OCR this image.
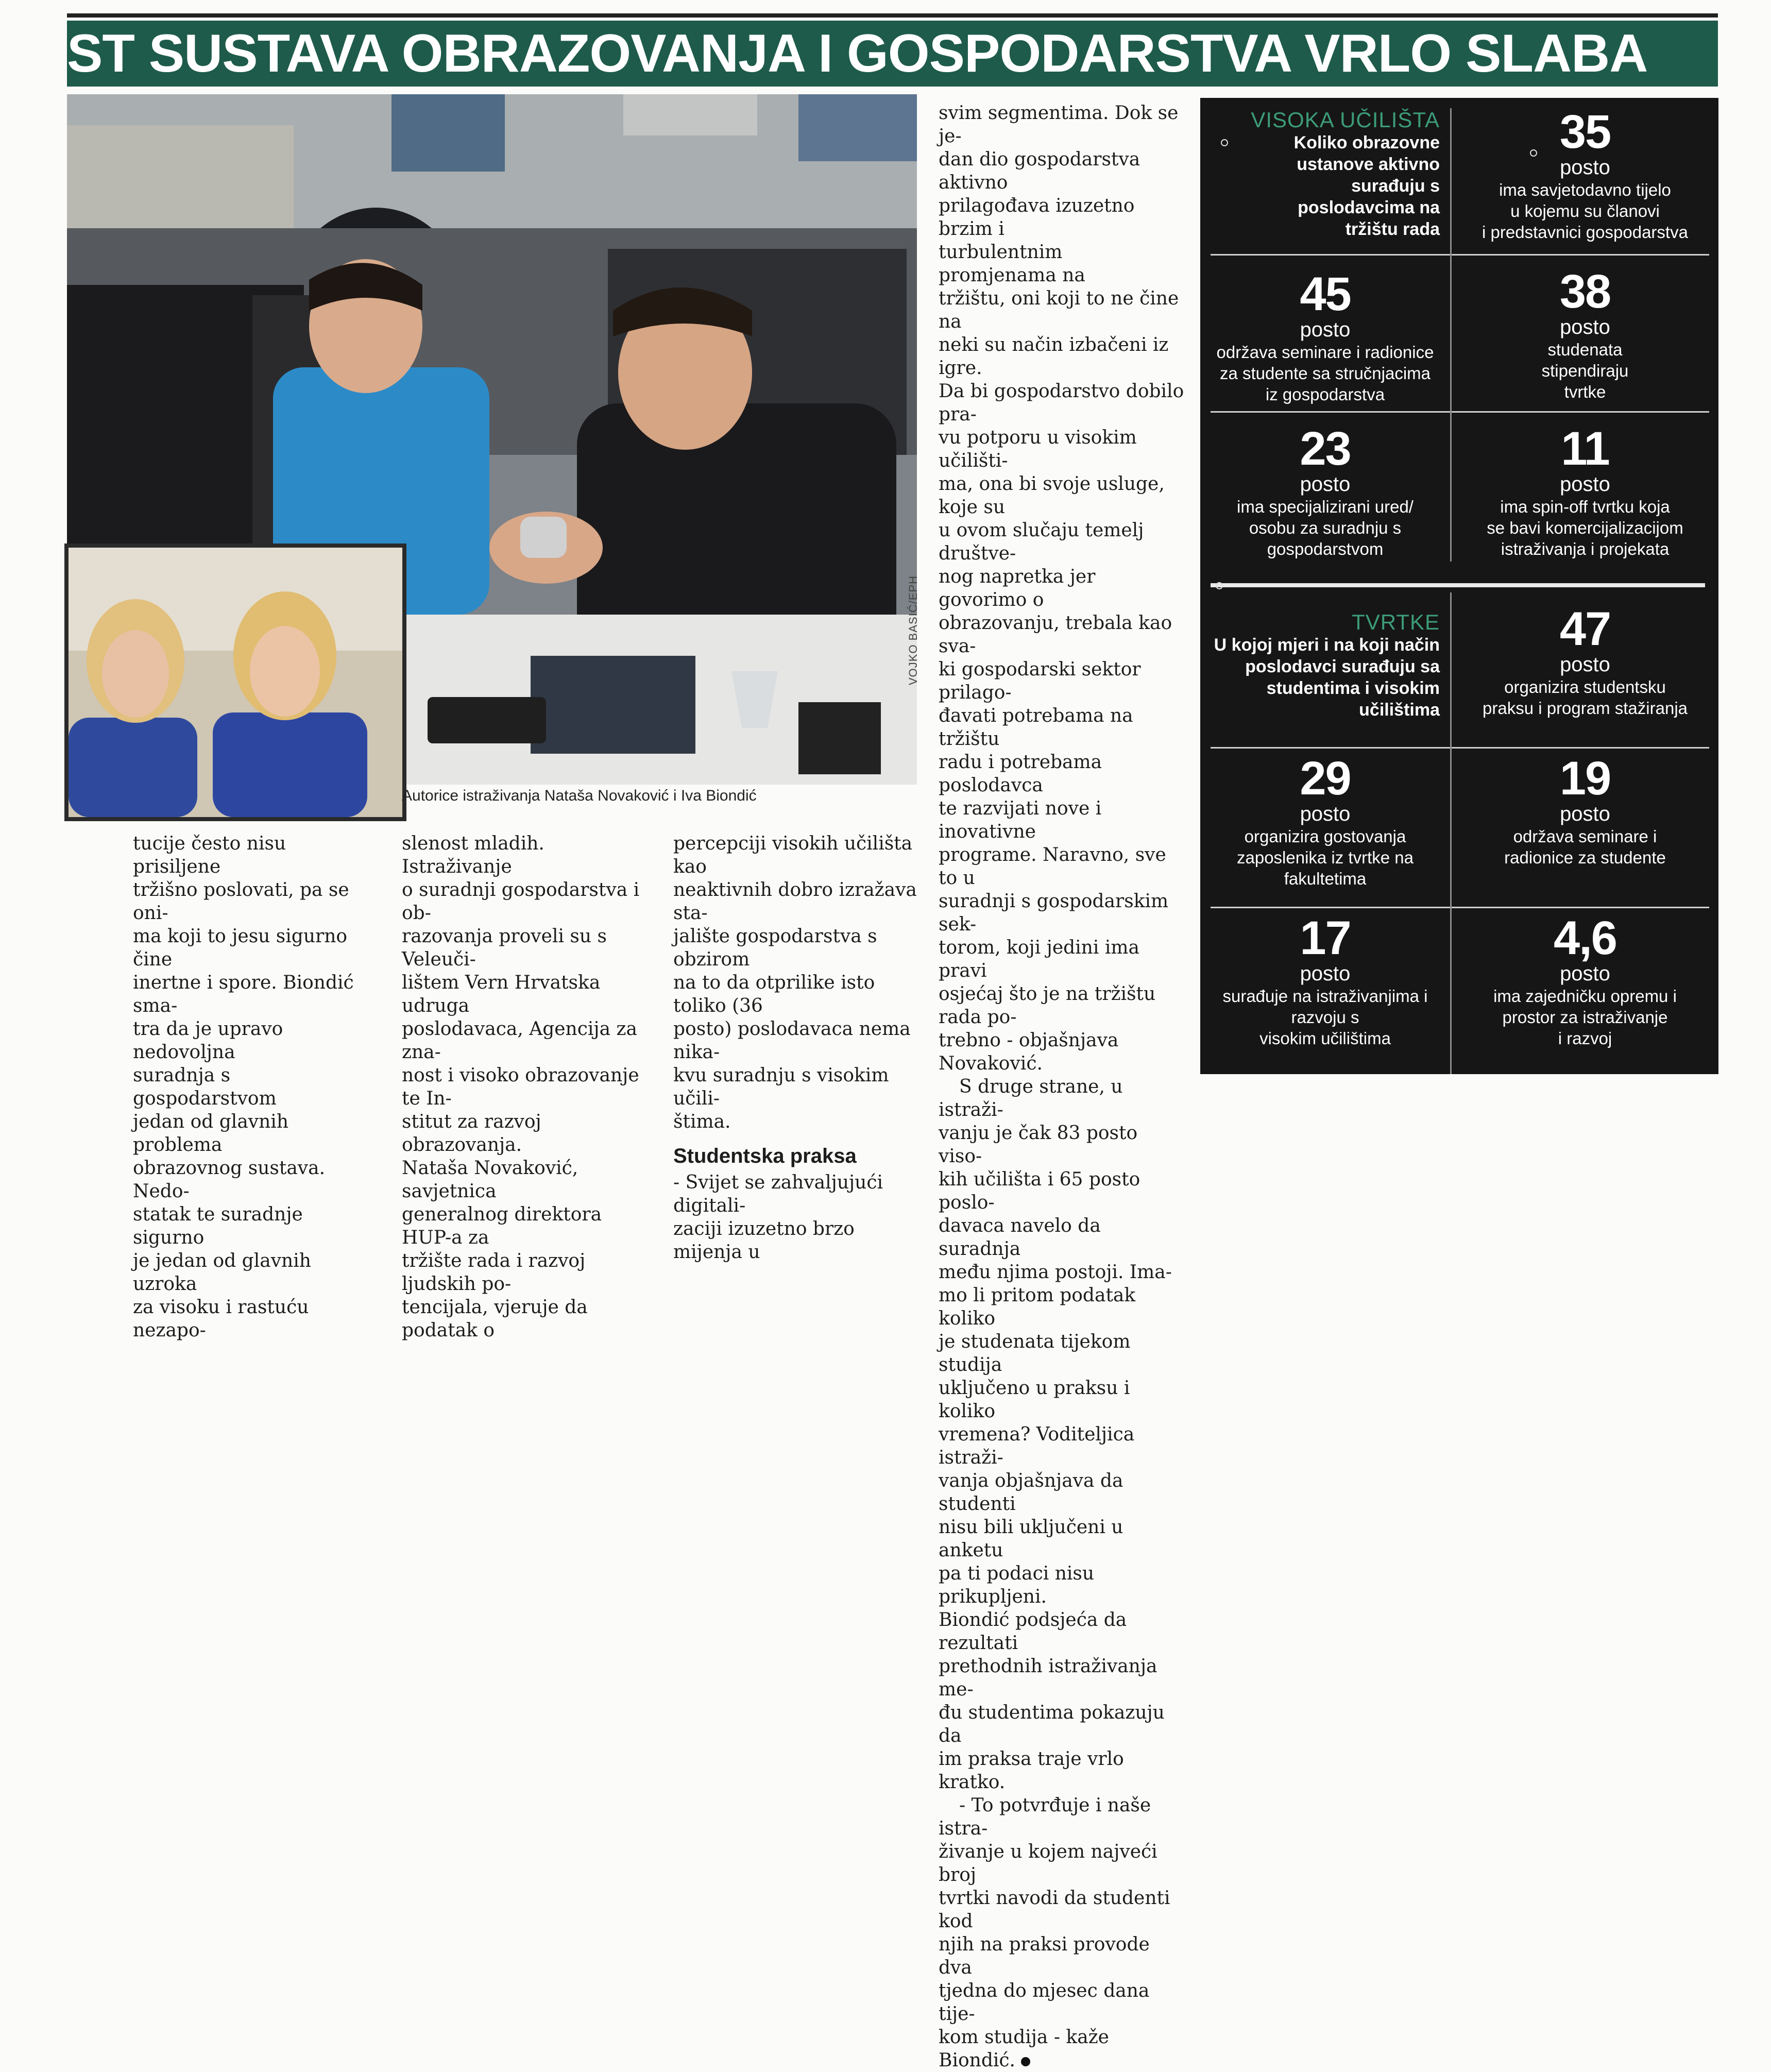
ST SUSTAVA OBRAZOVANJA I GOSPODARSTVA VRLO SLABA
VOJKO BASIĆ/EPH
Autorice istraživanja Nataša Novaković i Iva Biondić

tucije često nisu prisiljene

tržišno poslovati, pa se oni-

ma koji to jesu sigurno čine

inertne i spore. Biondić sma-

tra da je upravo nedovoljna

suradnja s gospodarstvom

jedan od glavnih problema

obrazovnog sustava. Nedo-

statak te suradnje sigurno

je jedan od glavnih uzroka

za visoku i rastuću nezapo-

slenost mladih. Istraživanje

o suradnji gospodarstva i ob-

razovanja proveli su s Veleuči-

lištem Vern Hrvatska udruga

poslodavaca, Agencija za zna-

nost i visoko obrazovanje te In-

stitut za razvoj obrazovanja.

Nataša Novaković, savjetnica

generalnog direktora HUP-a za

tržište rada i razvoj ljudskih po-

tencijala, vjeruje da podatak o

percepciji visokih učilišta kao

neaktivnih dobro izražava sta-

jalište gospodarstva s obzirom

na to da otprilike isto toliko (36

posto) poslodavaca nema nika-

kvu suradnju s visokim učili-

štima.

Studentska praksa

- Svijet se zahvaljujući digitali-

zaciji izuzetno brzo mijenja u

svim segmentima. Dok se je-

dan dio gospodarstva aktivno

prilagođava izuzetno brzim i

turbulentnim promjenama na

tržištu, oni koji to ne čine na

neki su način izbačeni iz igre.

Da bi gospodarstvo dobilo pra-

vu potporu u visokim učilišti-

ma, ona bi svoje usluge, koje su

u ovom slučaju temelj društve-

nog napretka jer govorimo o

obrazovanju, trebala kao sva-

ki gospodarski sektor prilago-

đavati potrebama na tržištu

radu i potrebama poslodavca

te razvijati nove i inovativne

programe. Naravno, sve to u

suradnji s gospodarskim sek-

torom, koji jedini ima pravi

osjećaj što je na tržištu rada po-

trebno - objašnjava Novaković.

S druge strane, u istraži-

vanju je čak 83 posto viso-

kih učilišta i 65 posto poslo-

davaca navelo da suradnja

među njima postoji. Ima-

mo li pritom podatak koliko

je studenata tijekom studija

uključeno u praksu i koliko

vremena? Voditeljica istraži-

vanja objašnjava da studenti

nisu bili uključeni u anketu

pa ti podaci nisu prikupljeni.

Biondić podsjeća da rezultati

prethodnih istraživanja me-

đu studentima pokazuju da

im praksa traje vrlo kratko.

- To potvrđuje i naše istra-

živanje u kojem najveći broj

tvrtki navodi da studenti kod

njih na praksi provode dva

tjedna do mjesec dana tije-

kom studija - kaže Biondić.

VISOKA UČILIŠTA
Koliko obrazovne
ustanove aktivno
surađuju s
poslodavcima na
tržištu rada
35
posto
ima savjetodavno tijelo
u kojemu su članovi
i predstavnici gospodarstva
45
posto
održava seminare i radionice
za studente sa stručnjacima
iz gospodarstva
38
posto
studenata
stipendiraju
tvrtke
23
posto
ima specijalizirani ured/
osobu za suradnju s
gospodarstvom
11
posto
ima spin-off tvrtku koja
se bavi komercijalizacijom
istraživanja i projekata
TVRTKE
U kojoj mjeri i na koji način
poslodavci surađuju sa
studentima i visokim
učilištima
47
posto
organizira studentsku
praksu i program stažiranja
29
posto
organizira gostovanja
zaposlenika iz tvrtke na
fakultetima
19
posto
održava seminare i
radionice za studente
17
posto
surađuje na istraživanjima i
razvoju s
visokim učilištima
4,6
posto
ima zajedničku opremu i
prostor za istraživanje
i razvoj
